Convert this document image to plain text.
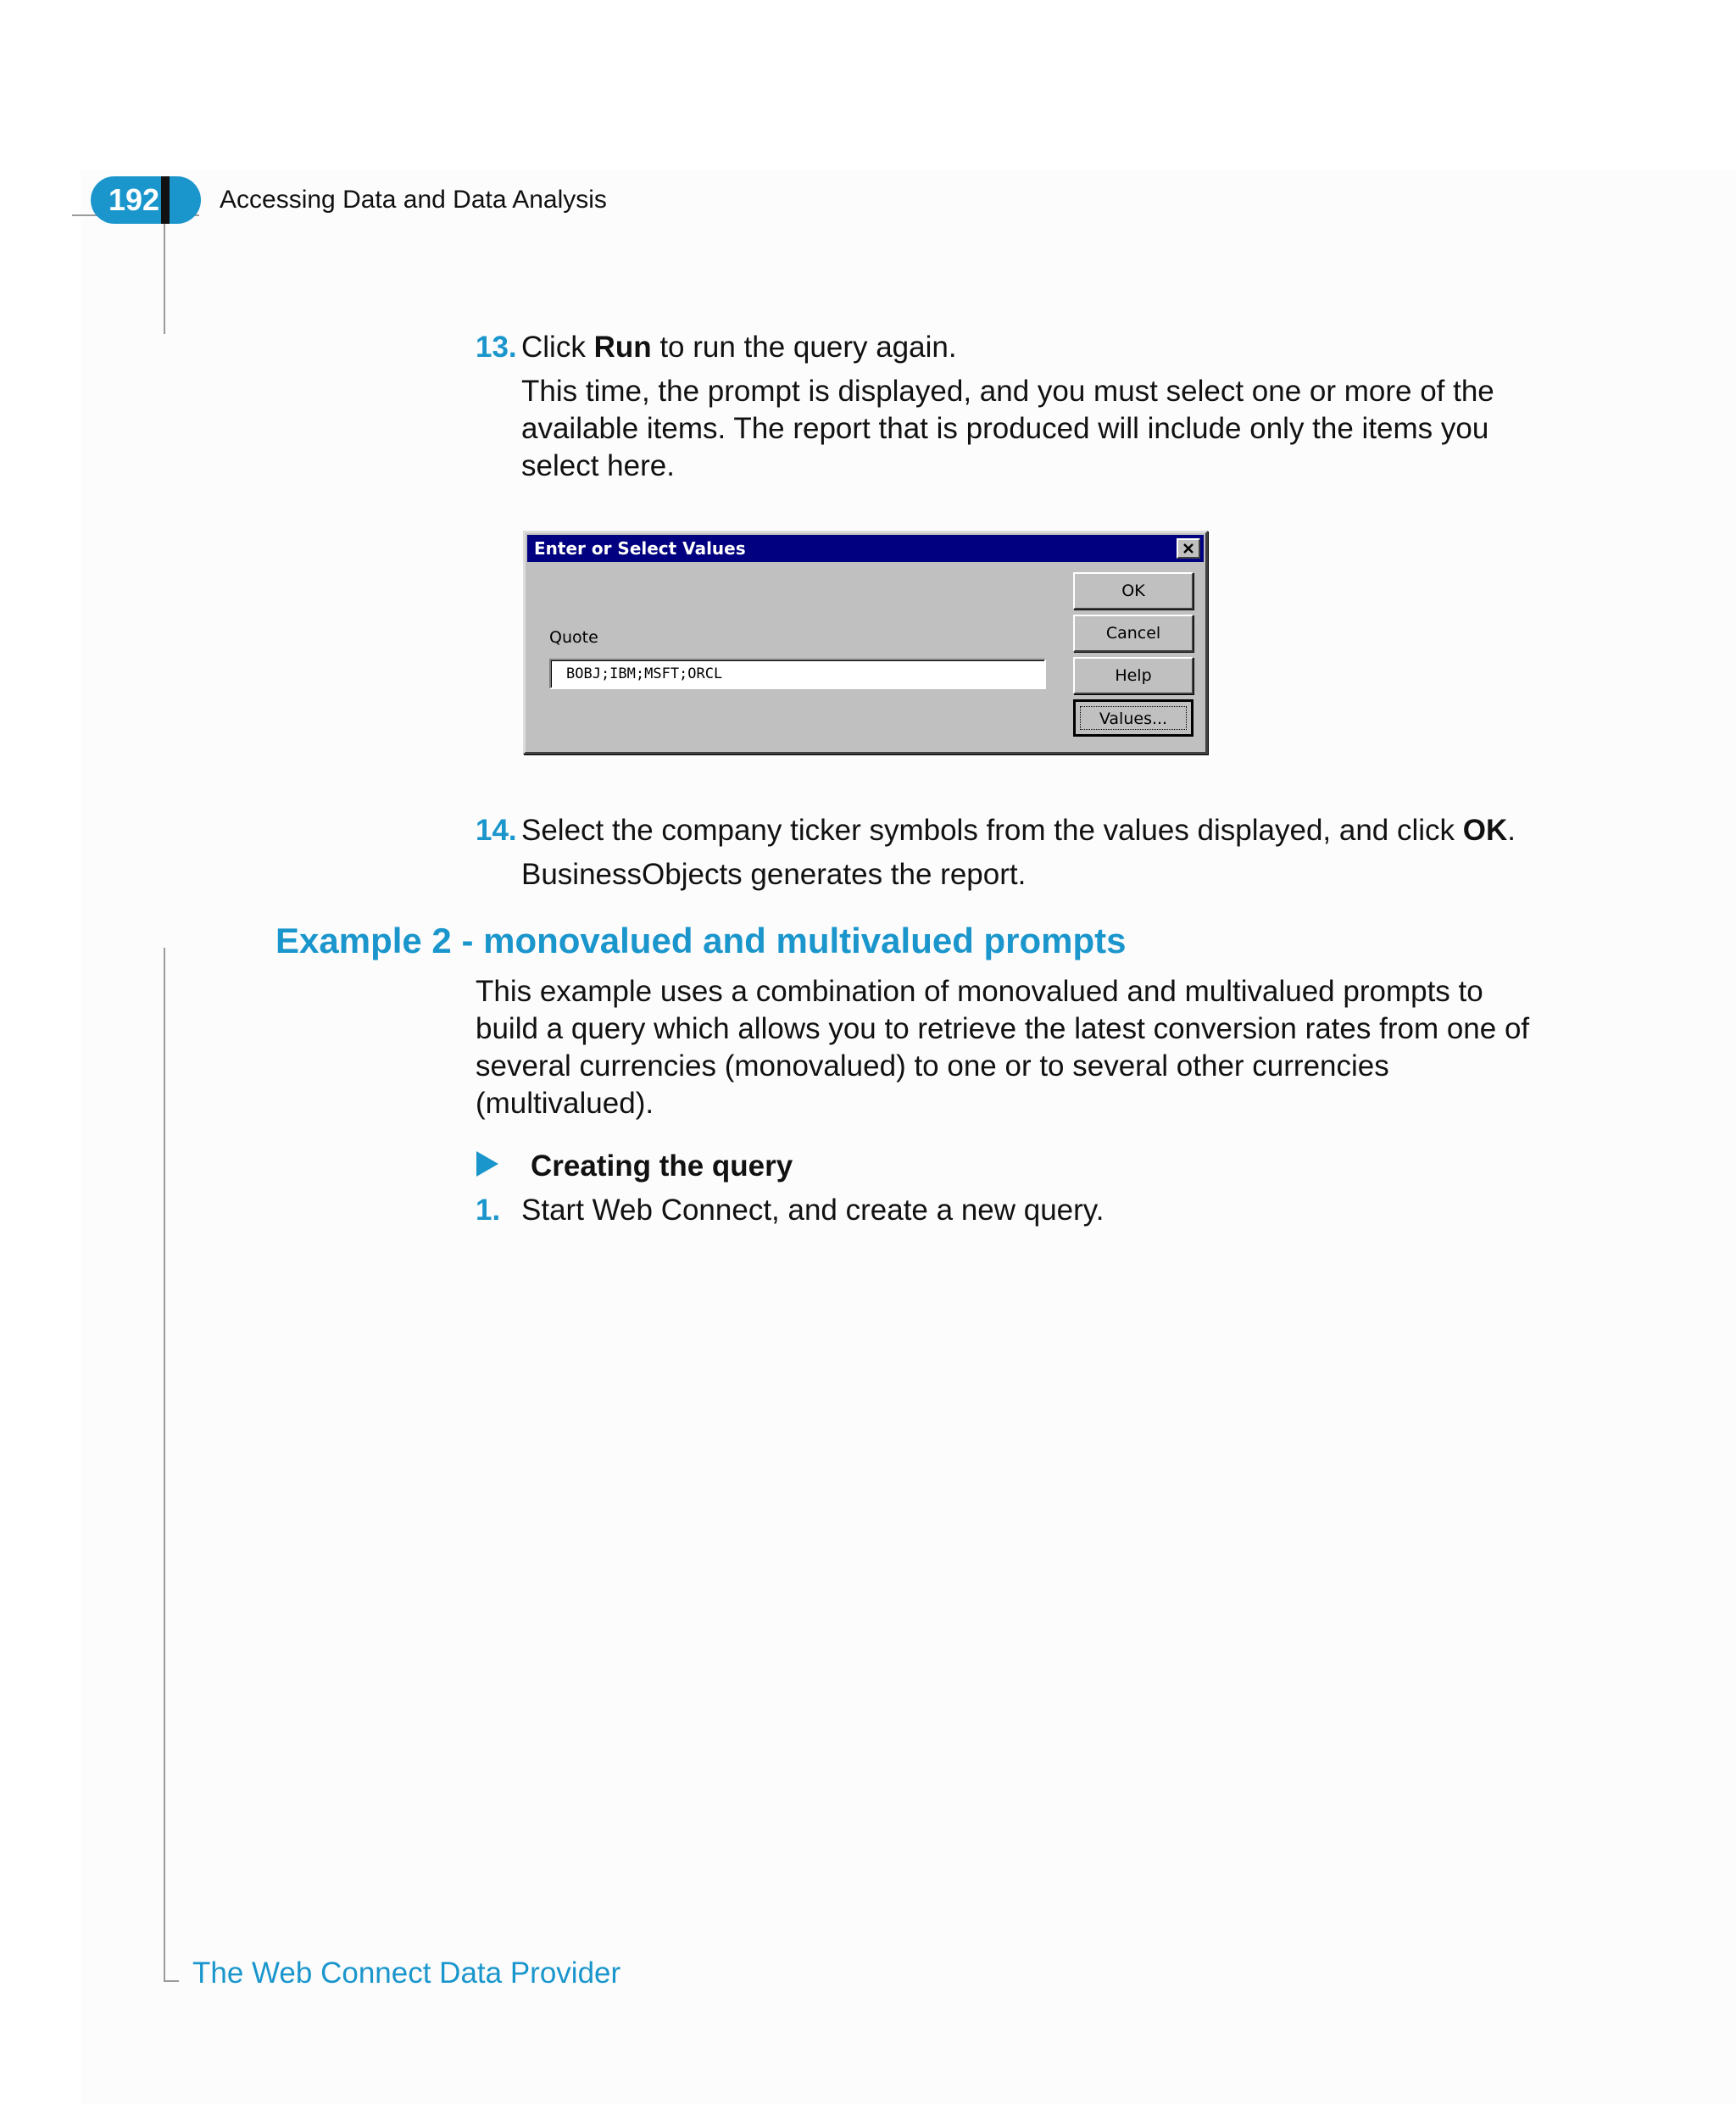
192 Accessing Data and Data Analysis
13. Click Run to run the query again.
This time, the prompt is displayed, and you must select one or more of the
available items. The report that is produced will include only the items you
select here.
Enter or Select Values
Quote
BOBJ;IBM;MSFT;ORCL
OK
Cancel
Help
Values...
14. Select the company ticker symbols from the values displayed, and click OK.
BusinessObjects generates the report.
Example 2 - monovalued and multivalued prompts
This example uses a combination of monovalued and multivalued prompts to
build a query which allows you to retrieve the latest conversion rates from one of
several currencies (monovalued) to one or to several other currencies
(multivalued).
Creating the query
1. Start Web Connect, and create a new query.
The Web Connect Data Provider
